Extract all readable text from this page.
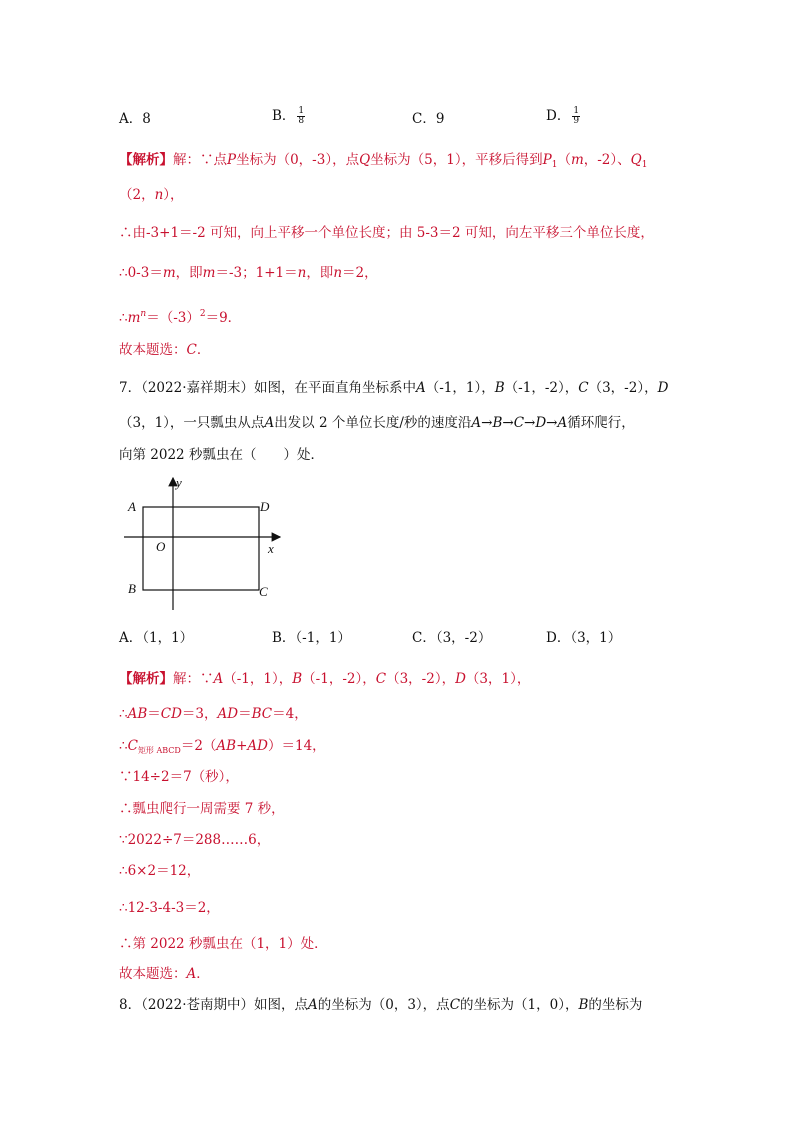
A．8	B． $\frac{1}{8}$	C．9	D． $\frac{1}{9}$
【解析】解：∵点P坐标为（0，-3），点Q坐标为（5，1），平移后得到$P_1(m$，-2）、$Q_1$
（2，n），
∴由-3+1＝-2 可知，向上平移一个单位长度；由 5-3＝2 可知，向左平移三个单位长度，
∴0-3＝m，即m＝-3；1+1＝n，即n＝2，
$\therefore m^n=(-3)^2=9$．
故本题选：C．
7．（2022·嘉祥期末）如图，在平面直角坐标系中A（-1，1），B（-1，-2），C（3，-2），D
（3，1），一只瓢虫从点A出发以 2 个单位长度/秒的速度沿A→B→C→D→A循环爬行，
向第 2022 秒瓢虫在（　　）处．
A
B	C
D
O	x
y
A．（1，1）	B．（-1，1）	C．（3，-2）	D．（3，1）
【解析】解：∵A（-1，1），B（-1，-2），C（3，-2），D（3，1），
∴AB＝CD＝3，AD＝BC＝4，
$\therefore C_{矩形 ABCD}=2(AB+AD)=14$，
∵14÷2＝7（秒），
∴瓢虫爬行一周需要 7 秒，
∵2022÷7＝288……6，
∴6×2＝12，
∴12-3-4-3＝2，
∴第 2022 秒瓢虫在（1，1）处．
故本题选：A．
8．（2022·苍南期中）如图，点A的坐标为（0，3），点C的坐标为（1，0），B的坐标为
